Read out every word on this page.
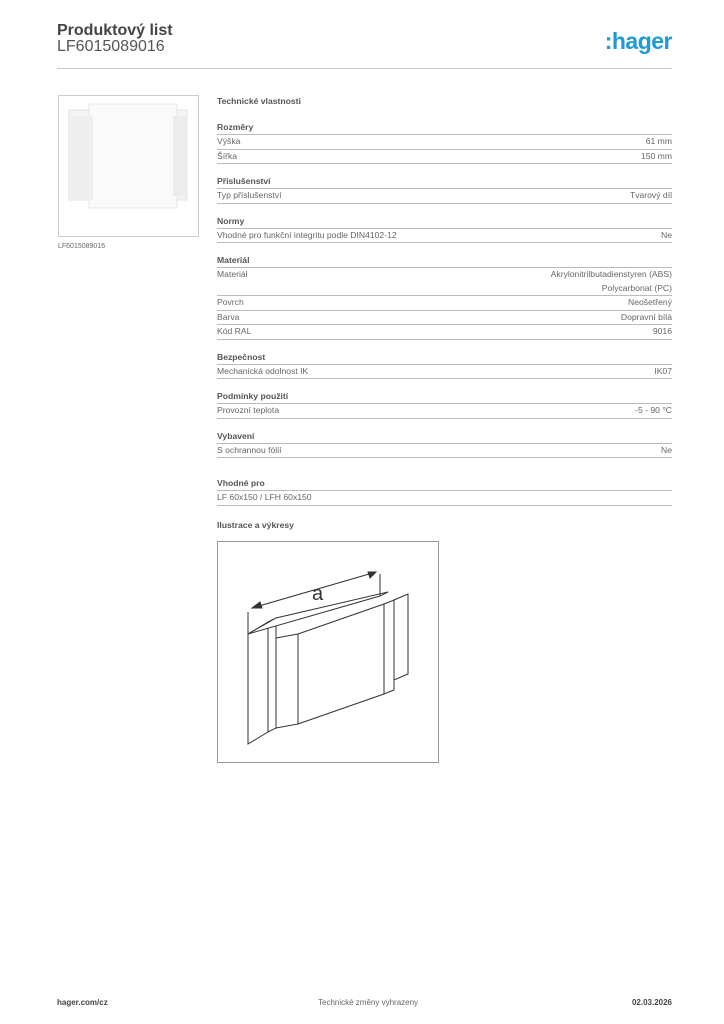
Produktový list
LF6015089016	:hager
LF6015089016
Technické vlastnosti
Rozměry
Výška	61 mm
Šířka	150 mm
Příslušenství
Typ příslušenství	Tvarový díl
Normy
Vhodné pro funkční integritu podle DIN4102-12	Ne
Materiál
Materiál	Akrylonitrilbutadienstyren (ABS)
Polycarbonat (PC)
Povrch	Neošetřený
Barva	Dopravní bílá
Kód RAL	9016
Bezpečnost
Mechanická odolnost IK	IK07
Podmínky použití
Provozní teplota	-5 - 90 °C
Vybavení
S ochrannou fólií	Ne
Vhodné pro
LF 60x150 / LFH 60x150
Ilustrace a výkresy
a
hager.com/cz	Technické změny vyhrazeny	02.03.2026
